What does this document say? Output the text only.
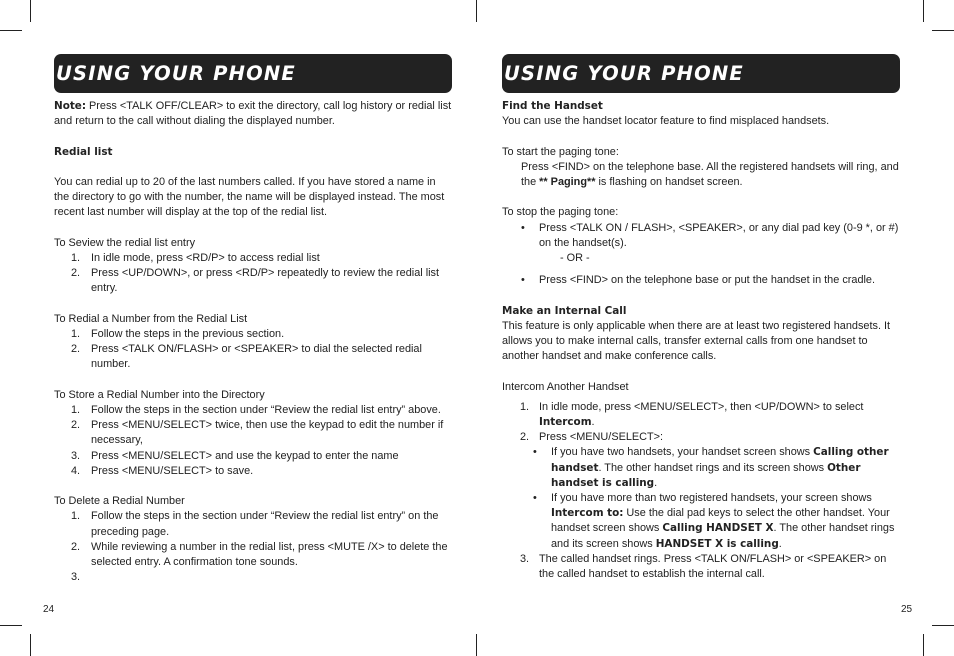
USING YOUR PHONE

Note: Press <TALK OFF/CLEAR> to exit the directory, call log history or redial list and return to the call without dialing the displayed number.

Redial list

You can redial up to 20 of the last numbers called. If you have stored a name in the directory to go with the number, the name will be displayed instead. The most recent last number will display at the top of the redial list.

To Seview the redial list entry

1. In idle mode, press <RD/P> to access redial list
2. Press <UP/DOWN>, or press <RD/P> repeatedly to review the redial list entry.

To Redial a Number from the Redial List

1. Follow the steps in the previous section.
2. Press <TALK ON/FLASH> or <SPEAKER> to dial the selected redial number.

To Store a Redial Number into the Directory

1. Follow the steps in the section under “Review the redial list entry” above.
2. Press <MENU/SELECT> twice, then use the keypad to edit the number if necessary,
3. Press <MENU/SELECT> and use the keypad to enter the name
4. Press <MENU/SELECT> to save.

To Delete a Redial Number

1. Follow the steps in the section under “Review the redial list entry” on the preceding page.
2. While reviewing a number in the redial list, press <MUTE /X> to delete the selected entry. A confirmation tone sounds.
3.
24
USING YOUR PHONE

Find the Handset

You can use the handset locator feature to find misplaced handsets.

To start the paging tone:

Press <FIND> on the telephone base. All the registered handsets will ring, and the ** Paging** is flashing on handset screen.

To stop the paging tone:

• Press <TALK ON / FLASH>, <SPEAKER>, or any dial pad key (0-9 *, or #) on the handset(s).

- OR -

• Press <FIND> on the telephone base or put the handset in the cradle.

Make an Internal Call

This feature is only applicable when there are at least two registered handsets. It allows you to make internal calls, transfer external calls from one handset to another handset and make conference calls.

Intercom Another Handset

1. In idle mode, press <MENU/SELECT>, then <UP/DOWN> to select Intercom.
2. Press <MENU/SELECT>:
• If you have two handsets, your handset screen shows Calling other handset. The other handset rings and its screen shows Other handset is calling.
• If you have more than two registered handsets, your screen shows Intercom to: Use the dial pad keys to select the other handset. Your handset screen shows Calling HANDSET X. The other handset rings and its screen shows HANDSET X is calling.
3. The called handset rings. Press <TALK ON/FLASH> or <SPEAKER> on the called handset to establish the internal call.
25
